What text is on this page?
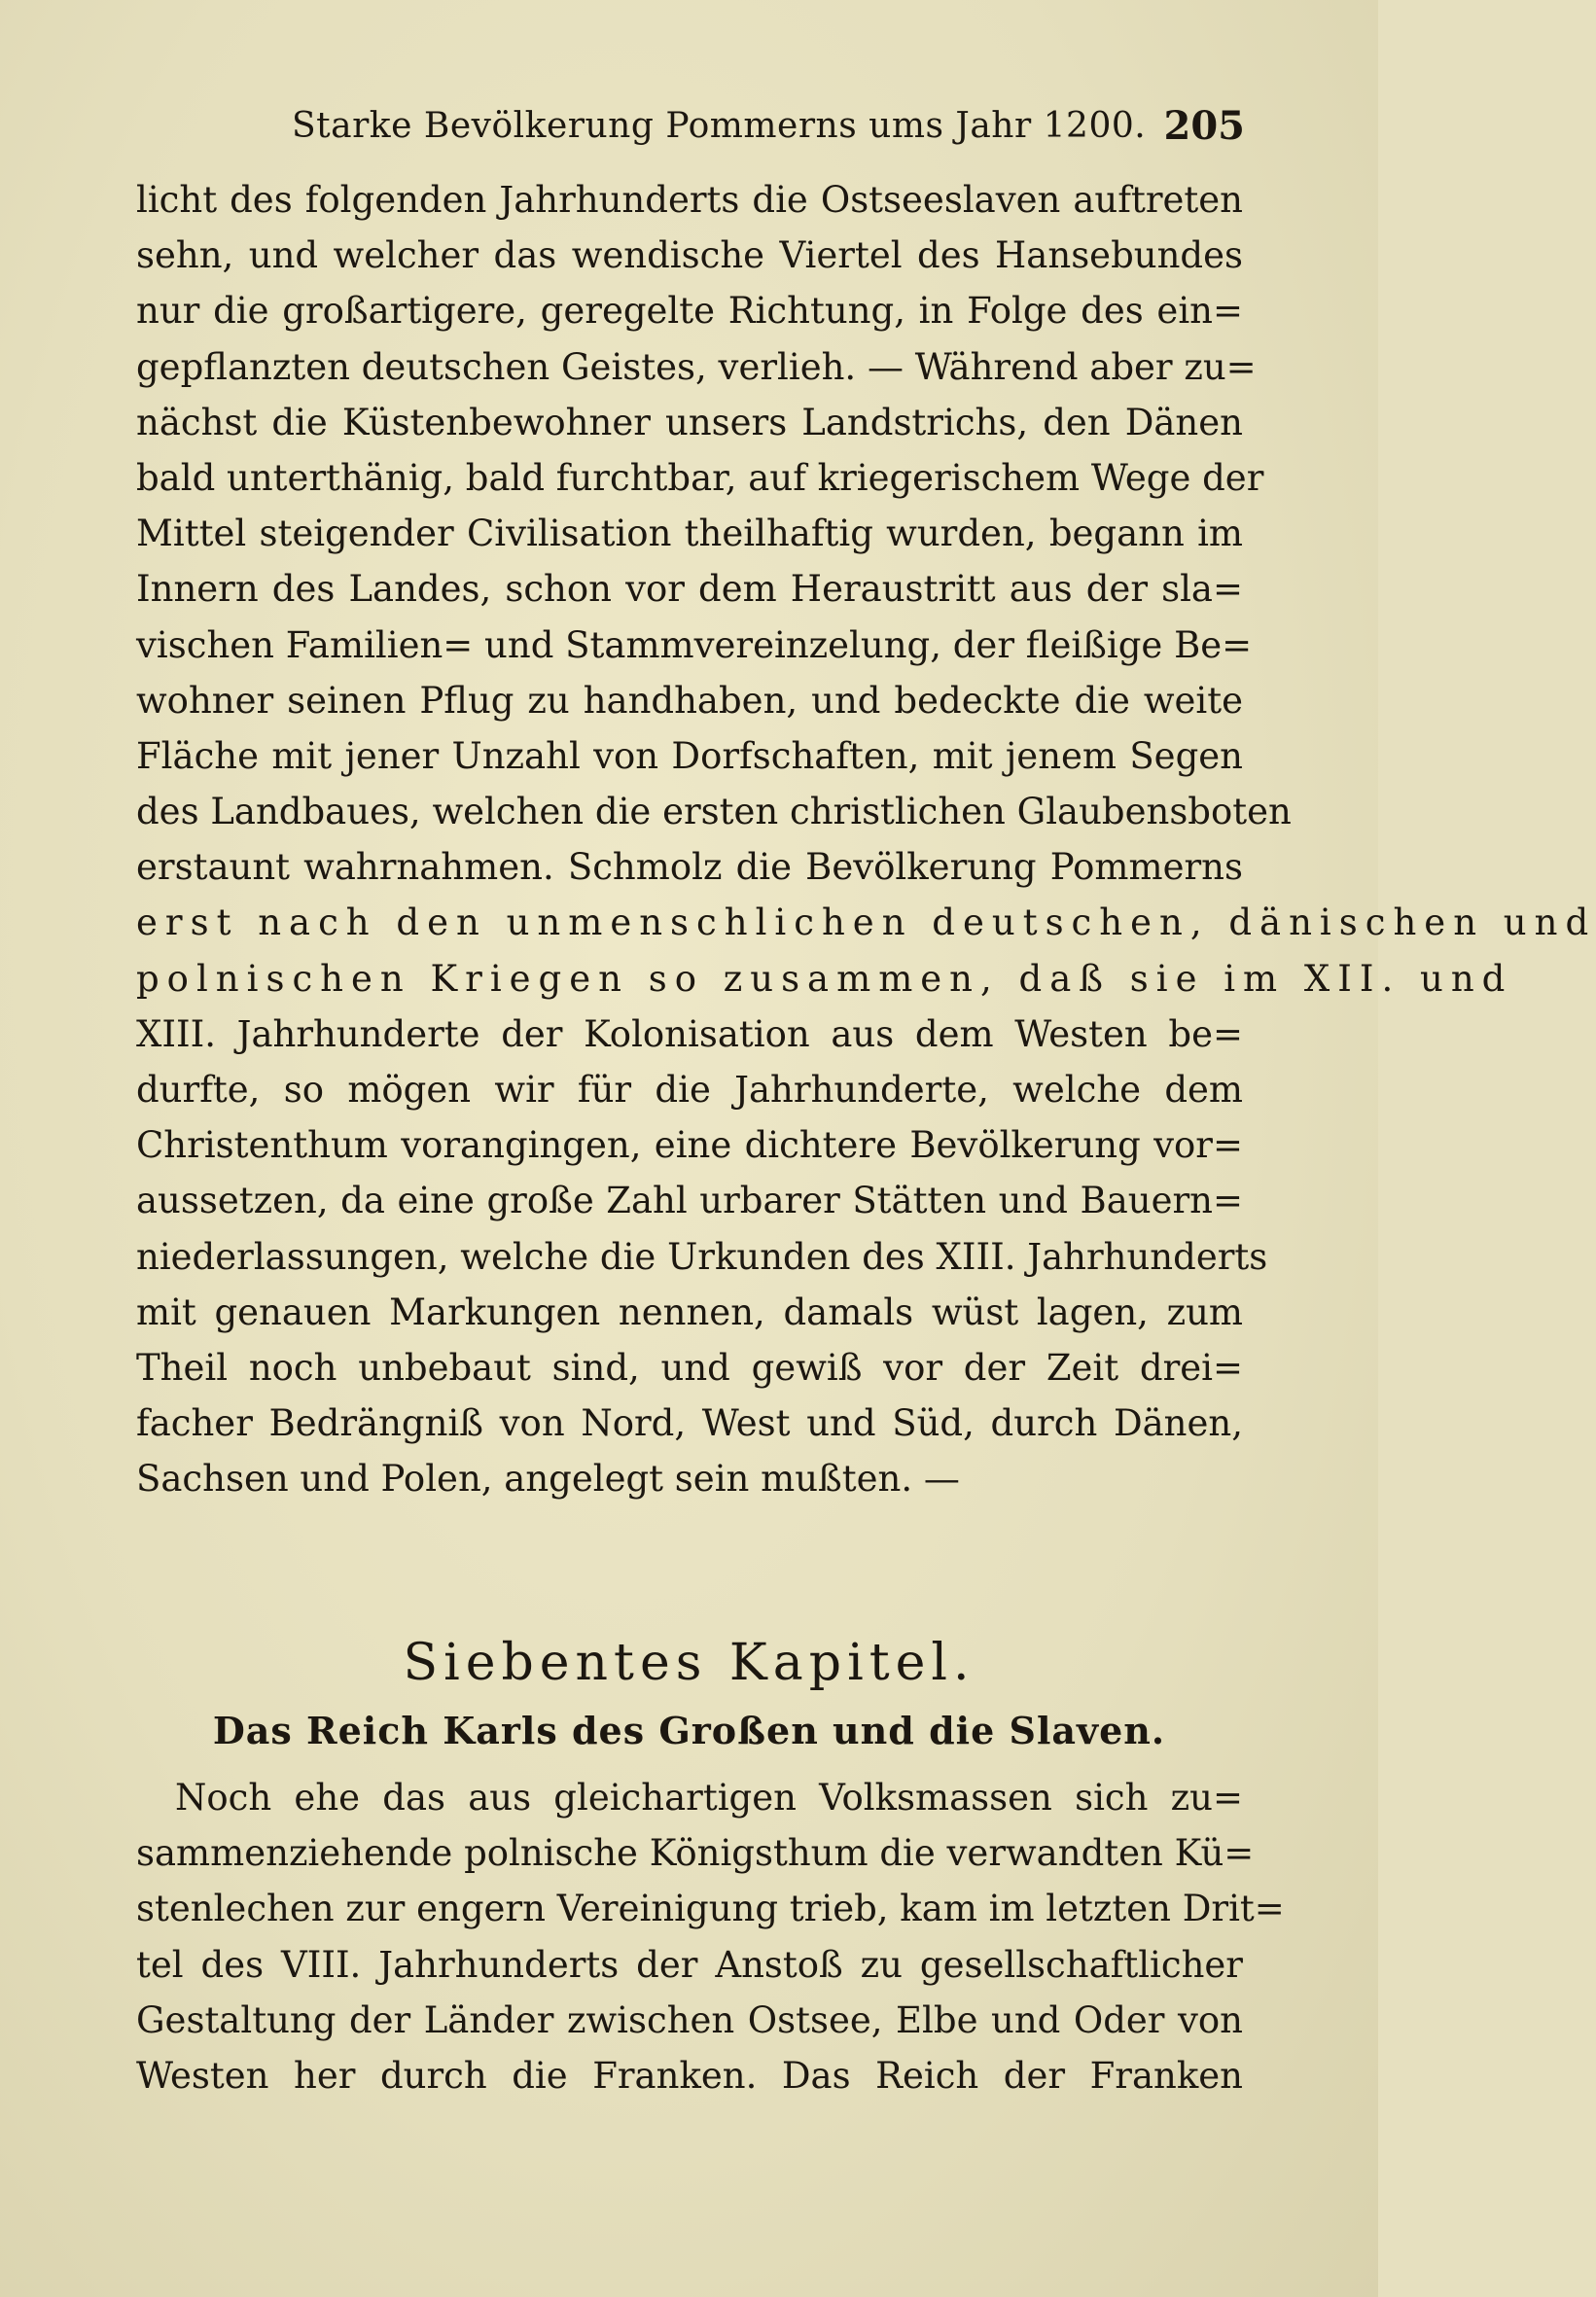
Starke Bevölkerung Pommerns ums Jahr 1200. 205
licht des folgenden Jahrhunderts die Ostseeslaven auftreten
sehn, und welcher das wendische Viertel des Hansebundes
nur die großartigere, geregelte Richtung, in Folge des ein=
gepflanzten deutschen Geistes, verlieh. — Während aber zu=
nächst die Küstenbewohner unsers Landstrichs, den Dänen
bald unterthänig, bald furchtbar, auf kriegerischem Wege der
Mittel steigender Civilisation theilhaftig wurden, begann im
Innern des Landes, schon vor dem Heraustritt aus der sla=
vischen Familien= und Stammvereinzelung, der fleißige Be=
wohner seinen Pflug zu handhaben, und bedeckte die weite
Fläche mit jener Unzahl von Dorfschaften, mit jenem Segen
des Landbaues, welchen die ersten christlichen Glaubensboten
erstaunt wahrnahmen. Schmolz die Bevölkerung Pommerns
erst nach den unmenschlichen deutschen, dänischen und
polnischen Kriegen so zusammen, daß sie im XII. und
XIII. Jahrhunderte der Kolonisation aus dem Westen be=
durfte, so mögen wir für die Jahrhunderte, welche dem
Christenthum vorangingen, eine dichtere Bevölkerung vor=
aussetzen, da eine große Zahl urbarer Stätten und Bauern=
niederlassungen, welche die Urkunden des XIII. Jahrhunderts
mit genauen Markungen nennen, damals wüst lagen, zum
Theil noch unbebaut sind, und gewiß vor der Zeit drei=
facher Bedrängniß von Nord, West und Süd, durch Dänen,
Sachsen und Polen, angelegt sein mußten. —
Siebentes Kapitel.
Das Reich Karls des Großen und die Slaven.
Noch ehe das aus gleichartigen Volksmassen sich zu=
sammenziehende polnische Königsthum die verwandten Kü=
stenlechen zur engern Vereinigung trieb, kam im letzten Drit=
tel des VIII. Jahrhunderts der Anstoß zu gesellschaftlicher
Gestaltung der Länder zwischen Ostsee, Elbe und Oder von
Westen her durch die Franken. Das Reich der Franken
